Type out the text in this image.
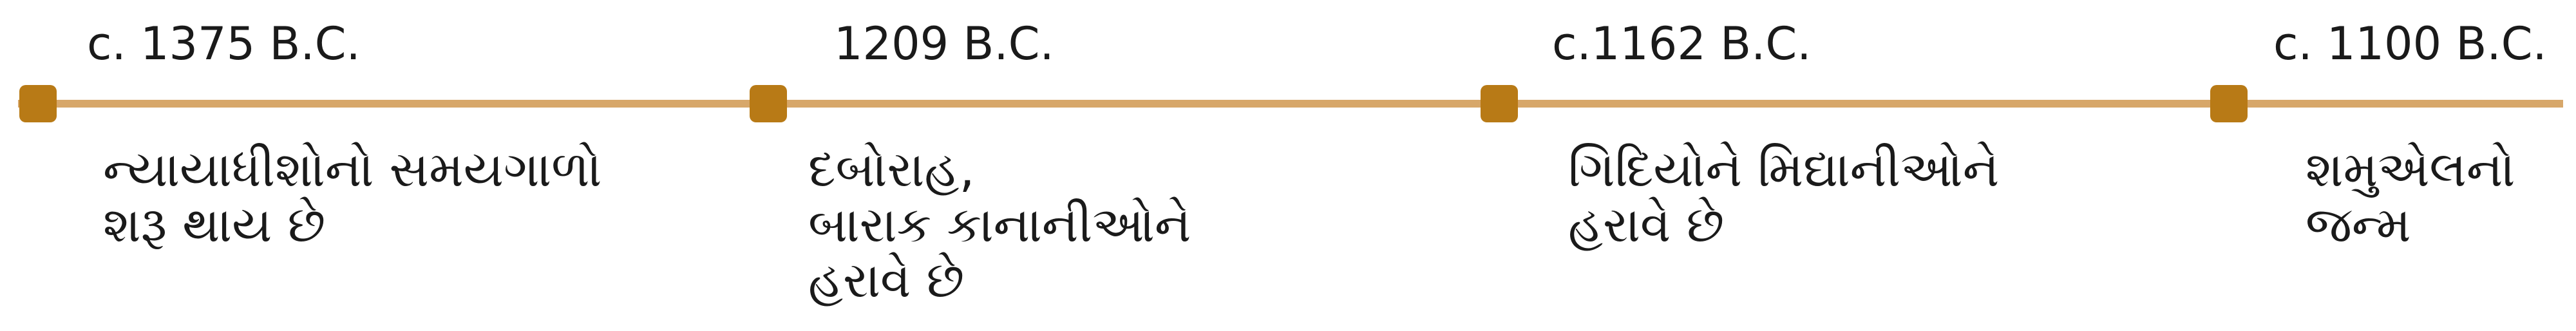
c. 1375 B.C.	1209 B.C.	c.1162 B.C.	c. 1100 B.C.
ન્યાયાધીશોનો સમયગાળો
શરૂ થાય છે
દબોરાહ,
બારાક કાનાનીઓને
હરાવે છે
ગિદિયોને મિદ્યાનીઓને
હરાવે છે
શમુએલનો
જન્મ
